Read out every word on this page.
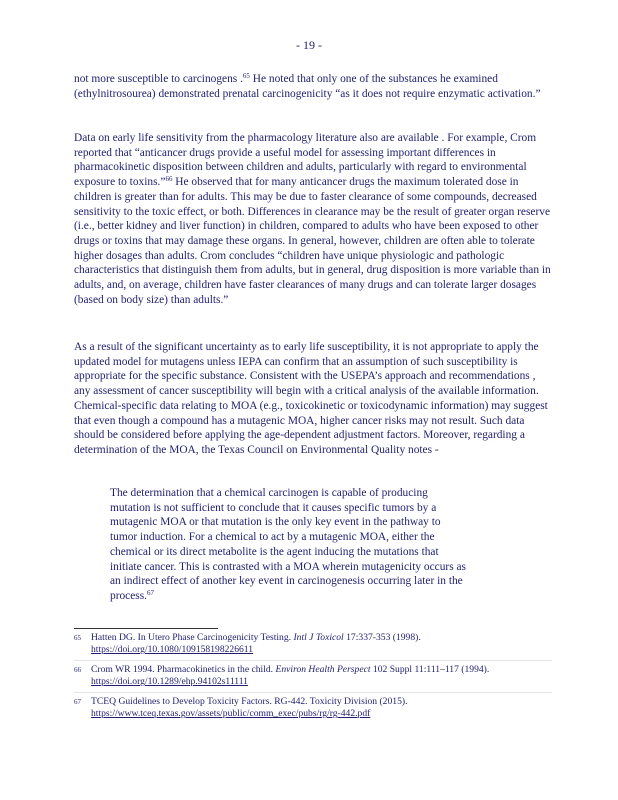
- 19 -

not more susceptible to carcinogens .$^{65}$ He noted that only one of the substances he examined (ethylnitrosourea) demonstrated prenatal carcinogenicity “as it does not require enzymatic activation.”

Data on early life sensitivity from the pharmacology literature also are available . For example, Crom reported that “anticancer drugs provide a useful model for assessing important differences in pharmacokinetic disposition between children and adults, particularly with regard to environmental exposure to toxins.”$^{66}$ He observed that for many anticancer drugs the maximum tolerated dose in children is greater than for adults. This may be due to faster clearance of some compounds, decreased sensitivity to the toxic effect, or both. Differences in clearance may be the result of greater organ reserve (i.e., better kidney and liver function) in children, compared to adults who have been exposed to other drugs or toxins that may damage these organs. In general, however, children are often able to tolerate higher dosages than adults. Crom concludes “children have unique physiologic and pathologic characteristics that distinguish them from adults, but in general, drug disposition is more variable than in adults, and, on average, children have faster clearances of many drugs and can tolerate larger dosages (based on body size) than adults.”

As a result of the significant uncertainty as to early life susceptibility, it is not appropriate to apply the updated model for mutagens unless IEPA can confirm that an assumption of such susceptibility is appropriate for the specific substance. Consistent with the USEPA’s approach and recommendations , any assessment of cancer susceptibility will begin with a critical analysis of the available information. Chemical-specific data relating to MOA (e.g., toxicokinetic or toxicodynamic information) may suggest that even though a compound has a mutagenic MOA, higher cancer risks may not result. Such data should be considered before applying the age-dependent adjustment factors. Moreover, regarding a determination of the MOA, the Texas Council on Environmental Quality notes -

The determination that a chemical carcinogen is capable of producing mutation is not sufficient to conclude that it causes specific tumors by a mutagenic MOA or that mutation is the only key event in the pathway to tumor induction. For a chemical to act by a mutagenic MOA, either the chemical or its direct metabolite is the agent inducing the mutations that initiate cancer. This is contrasted with a MOA wherein mutagenicity occurs as an indirect effect of another key event in carcinogenesis occurring later in the process.$^{67}$

65 Hatten DG. In Utero Phase Carcinogenicity Testing. Intl J Toxicol 17:337-353 (1998).
https://doi.org/10.1080/109158198226611
66 Crom WR 1994. Pharmacokinetics in the child. Environ Health Perspect 102 Suppl 11:111–117 (1994).
https://doi.org/10.1289/ehp.94102s11111
67 TCEQ Guidelines to Develop Toxicity Factors. RG-442. Toxicity Division (2015).
https://www.tceq.texas.gov/assets/public/comm_exec/pubs/rg/rg-442.pdf
